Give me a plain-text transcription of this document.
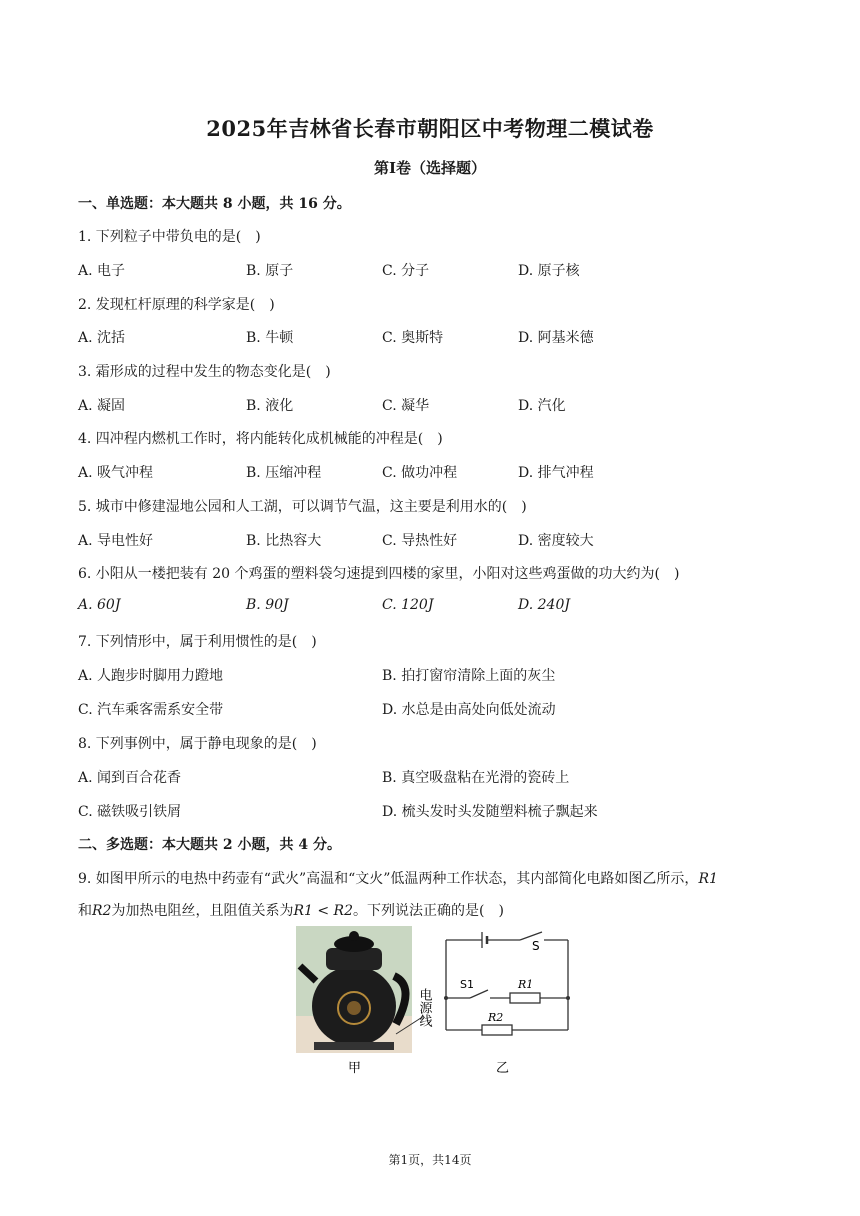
2025年吉林省长春市朝阳区中考物理二模试卷
第Ⅰ卷（选择题）
一、单选题：本大题共 8 小题，共 16 分。
1. 下列粒子中带负电的是(　)
A. 电子	B. 原子	C. 分子	D. 原子核
2. 发现杠杆原理的科学家是(　)
A. 沈括	B. 牛顿	C. 奥斯特	D. 阿基米德
3. 霜形成的过程中发生的物态变化是(　)
A. 凝固	B. 液化	C. 凝华	D. 汽化
4. 四冲程内燃机工作时，将内能转化成机械能的冲程是(　)
A. 吸气冲程	B. 压缩冲程	C. 做功冲程	D. 排气冲程
5. 城市中修建湿地公园和人工湖，可以调节气温，这主要是利用水的(　)
A. 导电性好	B. 比热容大	C. 导热性好	D. 密度较大
6. 小阳从一楼把装有 20 个鸡蛋的塑料袋匀速提到四楼的家里，小阳对这些鸡蛋做的功大约为(　)
A. 60J	B. 90J	C. 120J	D. 240J
7. 下列情形中，属于利用惯性的是(　)
A. 人跑步时脚用力蹬地	B. 拍打窗帘清除上面的灰尘
C. 汽车乘客需系安全带	D. 水总是由高处向低处流动
8. 下列事例中，属于静电现象的是(　)
A. 闻到百合花香	B. 真空吸盘粘在光滑的瓷砖上
C. 磁铁吸引铁屑	D. 梳头发时头发随塑料梳子飘起来
二、多选题：本大题共 2 小题，共 4 分。
9. 如图甲所示的电热中药壶有“武火”高温和“文火”低温两种工作状态，其内部简化电路如图乙所示，R1
和R2为加热电阻丝，且阻值关系为R1 < R2。下列说法正确的是(　)
电源线
甲
S
S1	R1
R2
乙
第1页，共14页
